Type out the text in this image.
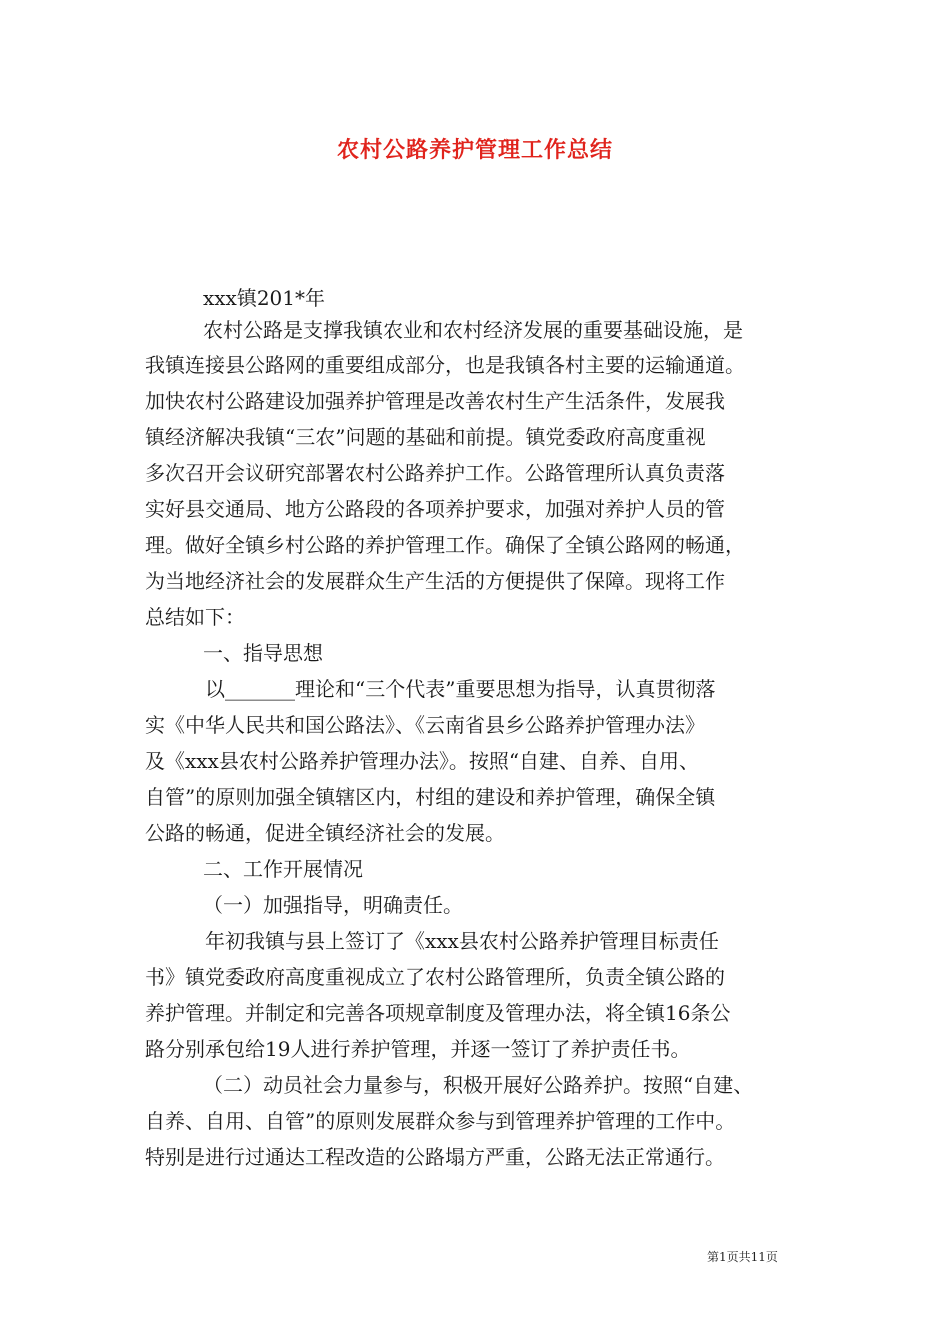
农村公路养护管理工作总结
xxx镇201*年
农村公路是支撑我镇农业和农村经济发展的重要基础设施，是
我镇连接县公路网的重要组成部分，也是我镇各村主要的运输通道。
加快农村公路建设加强养护管理是改善农村生产生活条件，发展我
镇经济解决我镇“三农”问题的基础和前提。镇党委政府高度重视
多次召开会议研究部署农村公路养护工作。公路管理所认真负责落
实好县交通局、地方公路段的各项养护要求，加强对养护人员的管
理。做好全镇乡村公路的养护管理工作。确保了全镇公路网的畅通，
为当地经济社会的发展群众生产生活的方便提供了保障。现将工作
总结如下：
一、指导思想
以_______理论和“三个代表”重要思想为指导，认真贯彻落
实《中华人民共和国公路法》、《云南省县乡公路养护管理办法》
及《xxx县农村公路养护管理办法》。按照“自建、自养、自用、
自管”的原则加强全镇辖区内，村组的建设和养护管理，确保全镇
公路的畅通，促进全镇经济社会的发展。
二、工作开展情况
（一）加强指导，明确责任。
年初我镇与县上签订了《xxx县农村公路养护管理目标责任
书》镇党委政府高度重视成立了农村公路管理所，负责全镇公路的
养护管理。并制定和完善各项规章制度及管理办法，将全镇16条公
路分别承包给19人进行养护管理，并逐一签订了养护责任书。
（二）动员社会力量参与，积极开展好公路养护。按照“自建、
自养、自用、自管”的原则发展群众参与到管理养护管理的工作中。
特别是进行过通达工程改造的公路塌方严重，公路无法正常通行。
第1页共11页
